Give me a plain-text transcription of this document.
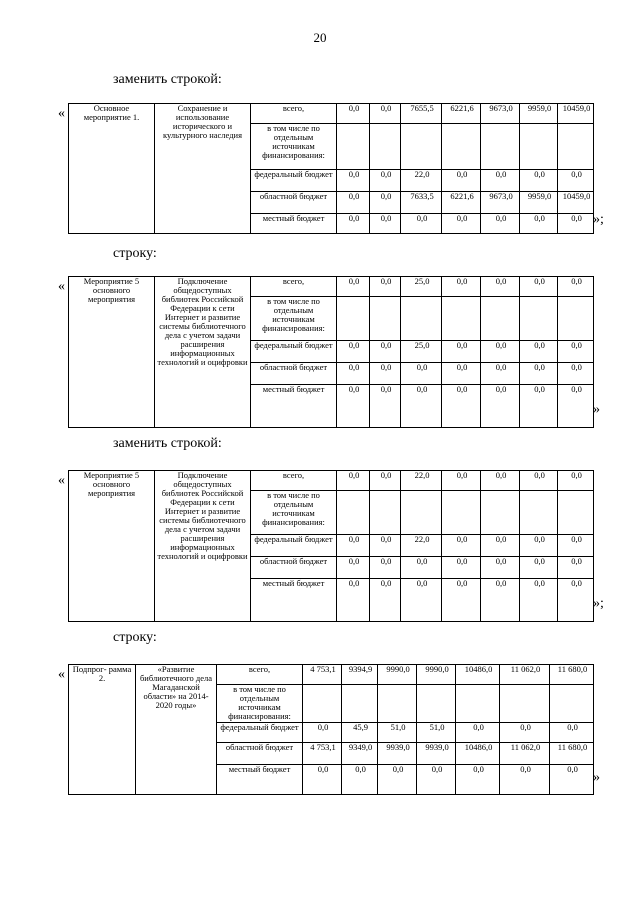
20
заменить строкой:
строку:
заменить строкой:
строку:
Основное мероприятие 1.	Сохранение и использование исторического и культурного наследия	всего,	0,0	0,0	7655,5	6221,6	9673,0	9959,0	10459,0
		в том числе по отдельным источникам финансирования:							
		федеральный бюджет	0,0	0,0	22,0	0,0	0,0	0,0	0,0
		областной бюджет	0,0	0,0	7633,5	6221,6	9673,0	9959,0	10459,0
		местный бюджет	0,0	0,0	0,0	0,0	0,0	0,0	0,0
«
»;
Мероприятие 5 основного мероприятия	Подключение общедоступных библиотек Российской Федерации к сети Интернет и развитие системы библиотечного дела с учетом задачи расширения информационных технологий и оцифровки	всего,	0,0	0,0	25,0	0,0	0,0	0,0	0,0
		в том числе по отдельным источникам финансирования:							
		федеральный бюджет	0,0	0,0	25,0	0,0	0,0	0,0	0,0
		областной бюджет	0,0	0,0	0,0	0,0	0,0	0,0	0,0
		местный бюджет	0,0	0,0	0,0	0,0	0,0	0,0	0,0
«
»
Мероприятие 5 основного мероприятия	Подключение общедоступных библиотек Российской Федерации к сети Интернет и развитие системы библиотечного дела с учетом задачи расширения информационных технологий и оцифровки	всего,	0,0	0,0	22,0	0,0	0,0	0,0	0,0
		в том числе по отдельным источникам финансирования:							
		федеральный бюджет	0,0	0,0	22,0	0,0	0,0	0,0	0,0
		областной бюджет	0,0	0,0	0,0	0,0	0,0	0,0	0,0
		местный бюджет	0,0	0,0	0,0	0,0	0,0	0,0	0,0
«
»;
Подпрог- рамма 2.	«Развитие библиотечного дела Магаданской области» на 2014-2020 годы»	всего,	4 753,1	9394,9	9990,0	9990,0	10486,0	11 062,0	11 680,0
		в том числе по отдельным источникам финансирования:							
		федеральный бюджет	0,0	45,9	51,0	51,0	0,0	0,0	0,0
		областной бюджет	4 753,1	9349,0	9939,0	9939,0	10486,0	11 062,0	11 680,0
		местный бюджет	0,0	0,0	0,0	0,0	0,0	0,0	0,0
«
»
